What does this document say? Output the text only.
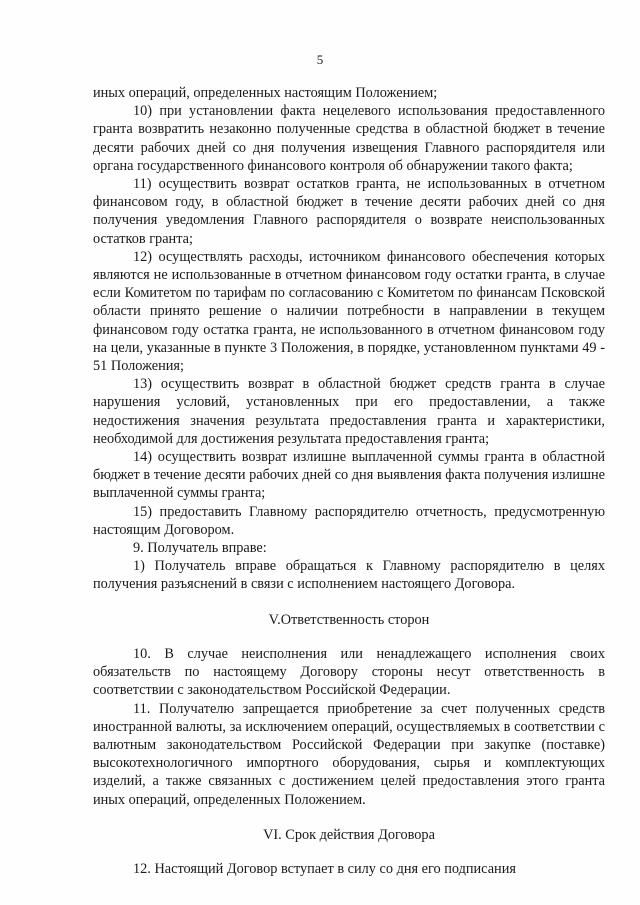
5

иных операций, определенных настоящим Положением;

10) при установлении факта нецелевого использования предоставленного гранта возвратить незаконно полученные средства в областной бюджет в течение десяти рабочих дней со дня получения извещения Главного распорядителя или органа государственного финансового контроля об обнаружении такого факта;

11) осуществить возврат остатков гранта, не использованных в отчетном финансовом году, в областной бюджет в течение десяти рабочих дней со дня получения уведомления Главного распорядителя о возврате неиспользованных остатков гранта;

12) осуществлять расходы, источником финансового обеспечения которых являются не использованные в отчетном финансовом году остатки гранта, в случае если Комитетом по тарифам по согласованию с Комитетом по финансам Псковской области принято решение о наличии потребности в направлении в текущем финансовом году остатка гранта, не использованного в отчетном финансовом году на цели, указанные в пункте 3 Положения, в порядке, установленном пунктами 49 - 51 Положения;

13) осуществить возврат в областной бюджет средств гранта в случае нарушения условий, установленных при его предоставлении, а также недостижения значения результата предоставления гранта и характеристики, необходимой для достижения результата предоставления гранта;

14) осуществить возврат излишне выплаченной суммы гранта в областной бюджет в течение десяти рабочих дней со дня выявления факта получения излишне выплаченной суммы гранта;

15) предоставить Главному распорядителю отчетность, предусмотренную настоящим Договором.

9. Получатель вправе:

1) Получатель вправе обращаться к Главному распорядителю в целях получения разъяснений в связи с исполнением настоящего Договора.

V.Ответственность сторон

10. В случае неисполнения или ненадлежащего исполнения своих обязательств по настоящему Договору стороны несут ответственность в соответствии с законодательством Российской Федерации.

11. Получателю запрещается приобретение за счет полученных средств иностранной валюты, за исключением операций, осуществляемых в соответствии с валютным законодательством Российской Федерации при закупке (поставке) высокотехнологичного импортного оборудования, сырья и комплектующих изделий, а также связанных с достижением целей предоставления этого гранта иных операций, определенных Положением.

VI. Срок действия Договора

12. Настоящий Договор вступает в силу со дня его подписания
